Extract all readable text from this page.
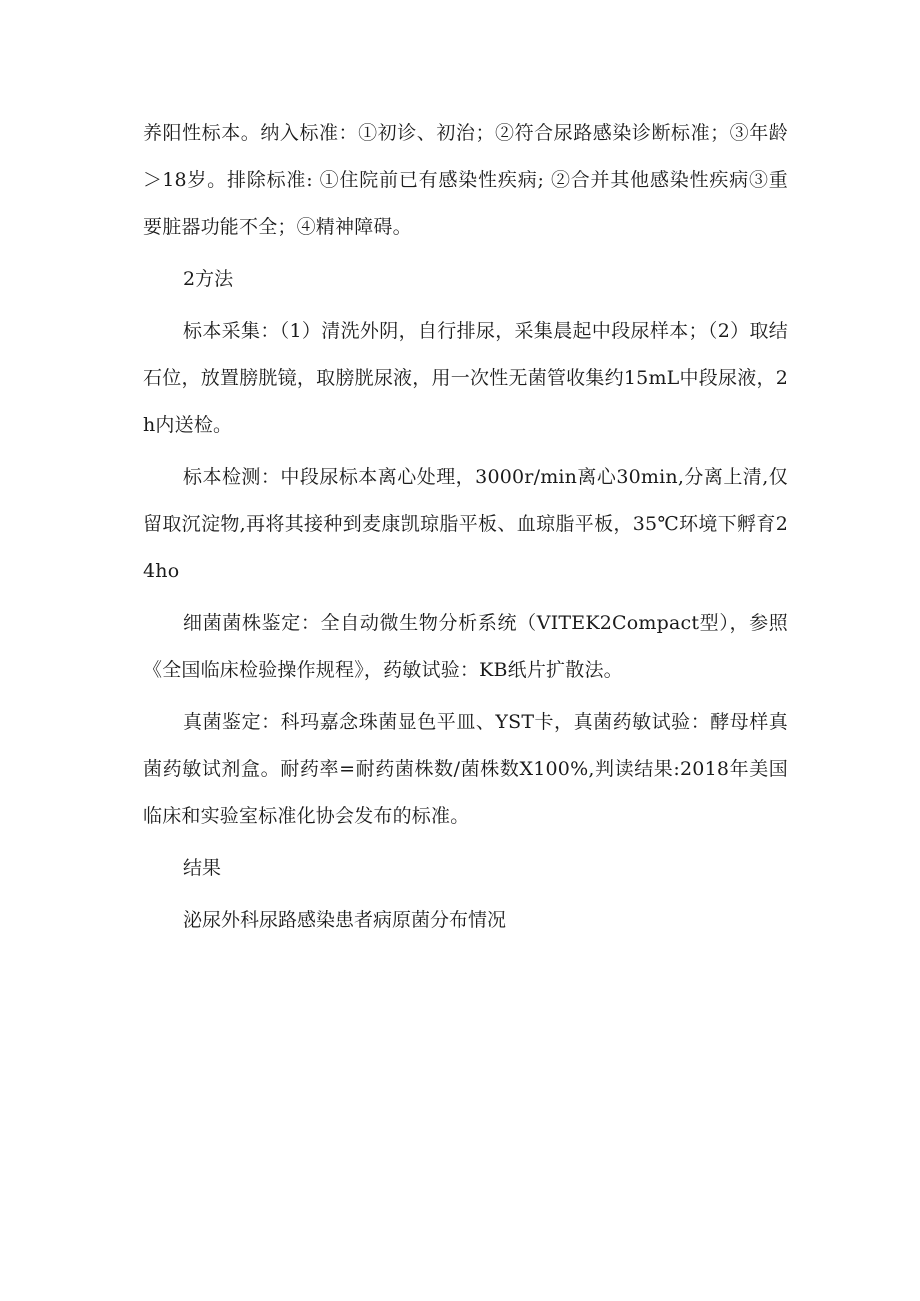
养阳性标本。纳入标准：①初诊、初治；②符合尿路感染诊断标准；③年龄＞18岁。排除标准: ①住院前已有感染性疾病; ②合并其他感染性疾病③重要脏器功能不全；④精神障碍。

2方法

标本采集：（1）清洗外阴，自行排尿，采集晨起中段尿样本；（2）取结石位，放置膀胱镜，取膀胱尿液，用一次性无菌管收集约15mL中段尿液，2h内送检。

标本检测：中段尿标本离心处理，3000r/min离心30min,分离上清,仅留取沉淀物,再将其接种到麦康凯琼脂平板、血琼脂平板，35℃环境下孵育24ho

细菌菌株鉴定：全自动微生物分析系统（VITEK2Compact型），参照《全国临床检验操作规程》，药敏试验：KB纸片扩散法。

真菌鉴定：科玛嘉念珠菌显色平皿、YST卡，真菌药敏试验：酵母样真菌药敏试剂盒。耐药率=耐药菌株数/菌株数X100%,判读结果:2018年美国临床和实验室标准化协会发布的标准。

结果

泌尿外科尿路感染患者病原菌分布情况
